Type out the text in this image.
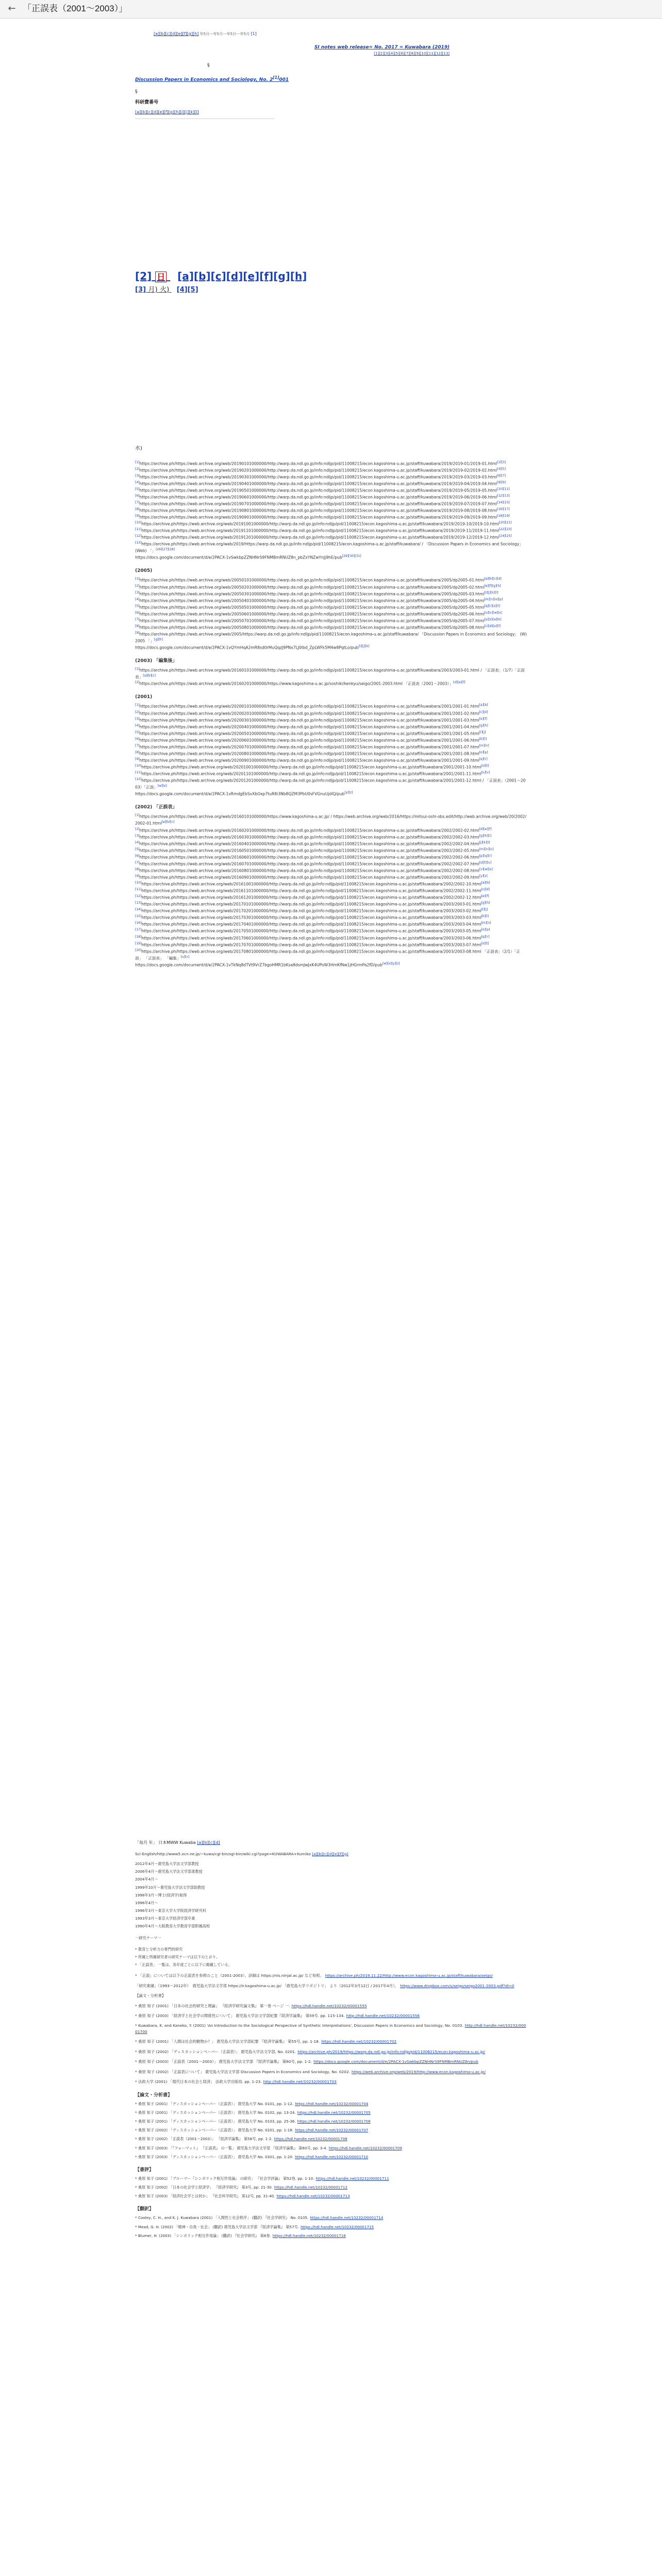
← 「正誤表（2001〜2003）」
[a][b][c][d][e][f][g][h] 年5月---年5月---年5月---年5月 [1]
SI notes web release= No. 2017 = Kuwabara (2019)
[1][2][3][4][5][6][7][8][9][10][11][12][13]
§
Discussion Papers in Economics and Sociology, No. 2[1]001
§
科研費番号
[a][b][c][d][e][f][g][h][i][j][k][l]
[2] 日 [a][b][c][d][e][f][g][h]
[3] 月) 火) [4][5]
水)
[1]https://archive.ph/https://web.archive.org/web/20190101000000/http://warp.da.ndl.go.jp/info:ndljp/pid/11008215/econ.kagoshima-u.ac.jp/staff/kuwabara/2019/2019-01/2019-01.html[2][3]
[2]https://archive.ph/https://web.archive.org/web/20190201000000/http://warp.da.ndl.go.jp/info:ndljp/pid/11008215/econ.kagoshima-u.ac.jp/staff/kuwabara/2019/2019-02/2019-02.html[4][5]
[3]https://archive.ph/https://web.archive.org/web/20190301000000/http://warp.da.ndl.go.jp/info:ndljp/pid/11008215/econ.kagoshima-u.ac.jp/staff/kuwabara/2019/2019-03/2019-03.html[6][7]
[4]https://archive.ph/https://web.archive.org/web/20190401000000/http://warp.da.ndl.go.jp/info:ndljp/pid/11008215/econ.kagoshima-u.ac.jp/staff/kuwabara/2019/2019-04/2019-04.html[8][9]
[5]https://archive.ph/https://web.archive.org/web/20190501000000/http://warp.da.ndl.go.jp/info:ndljp/pid/11008215/econ.kagoshima-u.ac.jp/staff/kuwabara/2019/2019-05/2019-05.html[10][11]
[6]https://archive.ph/https://web.archive.org/web/20190601000000/http://warp.da.ndl.go.jp/info:ndljp/pid/11008215/econ.kagoshima-u.ac.jp/staff/kuwabara/2019/2019-06/2019-06.html[12][13]
[7]https://archive.ph/https://web.archive.org/web/20190701000000/http://warp.da.ndl.go.jp/info:ndljp/pid/11008215/econ.kagoshima-u.ac.jp/staff/kuwabara/2019/2019-07/2019-07.html[14][15]
[8]https://archive.ph/https://web.archive.org/web/20190801000000/http://warp.da.ndl.go.jp/info:ndljp/pid/11008215/econ.kagoshima-u.ac.jp/staff/kuwabara/2019/2019-08/2019-08.html[16][17]
[9]https://archive.ph/https://web.archive.org/web/20190901000000/http://warp.da.ndl.go.jp/info:ndljp/pid/11008215/econ.kagoshima-u.ac.jp/staff/kuwabara/2019/2019-09/2019-09.html[18][19]
[10]https://archive.ph/https://web.archive.org/web/20191001000000/http://warp.da.ndl.go.jp/info:ndljp/pid/11008215/econ.kagoshima-u.ac.jp/staff/kuwabara/2019/2019-10/2019-10.html[20][21]
[11]https://archive.ph/https://web.archive.org/web/20191101000000/http://warp.da.ndl.go.jp/info:ndljp/pid/11008215/econ.kagoshima-u.ac.jp/staff/kuwabara/2019/2019-11/2019-11.html[22][23]
[12]https://archive.ph/https://web.archive.org/web/20191201000000/http://warp.da.ndl.go.jp/info:ndljp/pid/11008215/econ.kagoshima-u.ac.jp/staff/kuwabara/2019/2019-12/2019-12.html[24][25]
[13]https://archive.ph/https://web.archive.org/web/2019/https://warp.da.ndl.go.jp/info:ndljp/pid/11008215/econ.kagoshima-u.ac.jp/staff/kuwabara/ / 「Discussion Papers in Economics and Sociology」 (Web) 「」[26][27][28]
https://docs.google.com/document/d/e/2PACX-1vSwkbpZZNHNrS9FNMBmRNUZ8n_pbZxYNZwYnJj9hE/pub[29][30][31]
(2005)
[1]https://archive.ph/https://web.archive.org/web/20050101000000/http://warp.da.ndl.go.jp/info:ndljp/pid/11008215/econ.kagoshima-u.ac.jp/staff/kuwabara/2005/dp2005-01.html[a][b][c][d]
[2]https://archive.ph/https://web.archive.org/web/20050201000000/http://warp.da.ndl.go.jp/info:ndljp/pid/11008215/econ.kagoshima-u.ac.jp/staff/kuwabara/2005/dp2005-02.html[e][f][g][h]
[3]https://archive.ph/https://web.archive.org/web/20050301000000/http://warp.da.ndl.go.jp/info:ndljp/pid/11008215/econ.kagoshima-u.ac.jp/staff/kuwabara/2005/dp2005-03.html[i][j][k][l]
[4]https://archive.ph/https://web.archive.org/web/20050401000000/http://warp.da.ndl.go.jp/info:ndljp/pid/11008215/econ.kagoshima-u.ac.jp/staff/kuwabara/2005/dp2005-04.html[m][n][o][p]
[5]https://archive.ph/https://web.archive.org/web/20050501000000/http://warp.da.ndl.go.jp/info:ndljp/pid/11008215/econ.kagoshima-u.ac.jp/staff/kuwabara/2005/dp2005-05.html[q][r][s][t]
[6]https://archive.ph/https://web.archive.org/web/20050601000000/http://warp.da.ndl.go.jp/info:ndljp/pid/11008215/econ.kagoshima-u.ac.jp/staff/kuwabara/2005/dp2005-06.html[u][v][w][x]
[7]https://archive.ph/https://web.archive.org/web/20050701000000/http://warp.da.ndl.go.jp/info:ndljp/pid/11008215/econ.kagoshima-u.ac.jp/staff/kuwabara/2005/dp2005-07.html[y][z][a][b]
[8]https://archive.ph/https://web.archive.org/web/20050801000000/http://warp.da.ndl.go.jp/info:ndljp/pid/11008215/econ.kagoshima-u.ac.jp/staff/kuwabara/2005/dp2005-08.html[c][d][e][f]
[9]https://archive.ph/https://web.archive.org/web/2005/https://warp.da.ndl.go.jp/info:ndljp/pid/11008215/econ.kagoshima-u.ac.jp/staff/kuwabara/ 「Discussion Papers in Economics and Sociology」 (W) 2005 「」[g][h]
https://docs.google.com/document/d/e/2PACX-1vQYmHqA2mR8sd0rMuQqzJ9PNx7LJ0lbd_ZpLWFk5M4w8PqtLo/pub[i][j][k]
(2003) 「編集後」
[1]https://archive.ph/https://web.archive.org/web/20160101000000/http://warp.da.ndl.go.jp/info:ndljp/pid/11008215/econ.kagoshima-u.ac.jp/staff/kuwabara/2003/2003-01.html / 「正誤表」（1/7）「正誤表」[a][b][c]
[2]https://archive.ph/https://web.archive.org/web/20160201000000/https://www.kagoshima-u.ac.jp/soshiki/kenkyu/seigo/2001-2003.html 「正誤表（2001〜2003）」[d][e][f]
(2001)
[1]https://archive.ph/https://web.archive.org/web/20200101000000/http://warp.da.ndl.go.jp/info:ndljp/pid/11008215/econ.kagoshima-u.ac.jp/staff/kuwabara/2001/2001-01.html[a][b]
[2]https://archive.ph/https://web.archive.org/web/20200201000000/http://warp.da.ndl.go.jp/info:ndljp/pid/11008215/econ.kagoshima-u.ac.jp/staff/kuwabara/2001/2001-02.html[c][d]
[3]https://archive.ph/https://web.archive.org/web/20200301000000/http://warp.da.ndl.go.jp/info:ndljp/pid/11008215/econ.kagoshima-u.ac.jp/staff/kuwabara/2001/2001-03.html[e][f]
[4]https://archive.ph/https://web.archive.org/web/20200401000000/http://warp.da.ndl.go.jp/info:ndljp/pid/11008215/econ.kagoshima-u.ac.jp/staff/kuwabara/2001/2001-04.html[g][h]
[5]https://archive.ph/https://web.archive.org/web/20200501000000/http://warp.da.ndl.go.jp/info:ndljp/pid/11008215/econ.kagoshima-u.ac.jp/staff/kuwabara/2001/2001-05.html[i][j]
[6]https://archive.ph/https://web.archive.org/web/20200601000000/http://warp.da.ndl.go.jp/info:ndljp/pid/11008215/econ.kagoshima-u.ac.jp/staff/kuwabara/2001/2001-06.html[k][l]
[7]https://archive.ph/https://web.archive.org/web/20200701000000/http://warp.da.ndl.go.jp/info:ndljp/pid/11008215/econ.kagoshima-u.ac.jp/staff/kuwabara/2001/2001-07.html[m][n]
[8]https://archive.ph/https://web.archive.org/web/20200801000000/http://warp.da.ndl.go.jp/info:ndljp/pid/11008215/econ.kagoshima-u.ac.jp/staff/kuwabara/2001/2001-08.html[o][p]
[9]https://archive.ph/https://web.archive.org/web/20200901000000/http://warp.da.ndl.go.jp/info:ndljp/pid/11008215/econ.kagoshima-u.ac.jp/staff/kuwabara/2001/2001-09.html[q][r]
[10]https://archive.ph/https://web.archive.org/web/20201001000000/http://warp.da.ndl.go.jp/info:ndljp/pid/11008215/econ.kagoshima-u.ac.jp/staff/kuwabara/2001/2001-10.html[s][t]
[11]https://archive.ph/https://web.archive.org/web/20201101000000/http://warp.da.ndl.go.jp/info:ndljp/pid/11008215/econ.kagoshima-u.ac.jp/staff/kuwabara/2001/2001-11.html[u][v]
[12]https://archive.ph/https://web.archive.org/web/20201201000000/http://warp.da.ndl.go.jp/info:ndljp/pid/11008215/econ.kagoshima-u.ac.jp/staff/kuwabara/2001/2001-12.html / 「正誤表」（2001〜2003）「正誤」[w][x]
https://docs.google.com/document/d/e/2PACX-1vRmdgEbSvXbOxp7tuR8i3Nb8QZM3PbU0sFVGnuUjdlQ/pub[y][z]
(2002) 「正誤表」
[1]https://archive.ph/https://web.archive.org/web/20160101000000/https://www.kagoshima-u.ac.jp/ / https://web.archive.org/web/2016/https://mitsui-oshl-obs.edit/http://web.archive.org/web/20/2002/2002-01.html[a][b][c]
[2]https://archive.ph/https://web.archive.org/web/20160201000000/http://warp.da.ndl.go.jp/info:ndljp/pid/11008215/econ.kagoshima-u.ac.jp/staff/kuwabara/2002/2002-02.html[d][e][f]
[3]https://archive.ph/https://web.archive.org/web/20160301000000/http://warp.da.ndl.go.jp/info:ndljp/pid/11008215/econ.kagoshima-u.ac.jp/staff/kuwabara/2002/2002-03.html[g][h][i]
[4]https://archive.ph/https://web.archive.org/web/20160401000000/http://warp.da.ndl.go.jp/info:ndljp/pid/11008215/econ.kagoshima-u.ac.jp/staff/kuwabara/2002/2002-04.html[j][k][l]
[5]https://archive.ph/https://web.archive.org/web/20160501000000/http://warp.da.ndl.go.jp/info:ndljp/pid/11008215/econ.kagoshima-u.ac.jp/staff/kuwabara/2002/2002-05.html[m][n][o]
[6]https://archive.ph/https://web.archive.org/web/20160601000000/http://warp.da.ndl.go.jp/info:ndljp/pid/11008215/econ.kagoshima-u.ac.jp/staff/kuwabara/2002/2002-06.html[p][q][r]
[7]https://archive.ph/https://web.archive.org/web/20160701000000/http://warp.da.ndl.go.jp/info:ndljp/pid/11008215/econ.kagoshima-u.ac.jp/staff/kuwabara/2002/2002-07.html[s][t][u]
[8]https://archive.ph/https://web.archive.org/web/20160801000000/http://warp.da.ndl.go.jp/info:ndljp/pid/11008215/econ.kagoshima-u.ac.jp/staff/kuwabara/2002/2002-08.html[v][w][x]
[9]https://archive.ph/https://web.archive.org/web/20160901000000/http://warp.da.ndl.go.jp/info:ndljp/pid/11008215/econ.kagoshima-u.ac.jp/staff/kuwabara/2002/2002-09.html[y][z]
[10]https://archive.ph/https://web.archive.org/web/20161001000000/http://warp.da.ndl.go.jp/info:ndljp/pid/11008215/econ.kagoshima-u.ac.jp/staff/kuwabara/2002/2002-10.html[a][b]
[11]https://archive.ph/https://web.archive.org/web/20161101000000/http://warp.da.ndl.go.jp/info:ndljp/pid/11008215/econ.kagoshima-u.ac.jp/staff/kuwabara/2002/2002-11.html[c][d]
[12]https://archive.ph/https://web.archive.org/web/20161201000000/http://warp.da.ndl.go.jp/info:ndljp/pid/11008215/econ.kagoshima-u.ac.jp/staff/kuwabara/2002/2002-12.html[e][f]
[13]https://archive.ph/https://web.archive.org/web/20170101000000/http://warp.da.ndl.go.jp/info:ndljp/pid/11008215/econ.kagoshima-u.ac.jp/staff/kuwabara/2003/2003-01.html[g][h]
[14]https://archive.ph/https://web.archive.org/web/20170201000000/http://warp.da.ndl.go.jp/info:ndljp/pid/11008215/econ.kagoshima-u.ac.jp/staff/kuwabara/2003/2003-02.html[i][j]
[15]https://archive.ph/https://web.archive.org/web/20170301000000/http://warp.da.ndl.go.jp/info:ndljp/pid/11008215/econ.kagoshima-u.ac.jp/staff/kuwabara/2003/2003-03.html[k][l]
[16]https://archive.ph/https://web.archive.org/web/20170401000000/http://warp.da.ndl.go.jp/info:ndljp/pid/11008215/econ.kagoshima-u.ac.jp/staff/kuwabara/2003/2003-04.html[m][n]
[17]https://archive.ph/https://web.archive.org/web/20170501000000/http://warp.da.ndl.go.jp/info:ndljp/pid/11008215/econ.kagoshima-u.ac.jp/staff/kuwabara/2003/2003-05.html[o][p]
[18]https://archive.ph/https://web.archive.org/web/20170601000000/http://warp.da.ndl.go.jp/info:ndljp/pid/11008215/econ.kagoshima-u.ac.jp/staff/kuwabara/2003/2003-06.html[q][r]
[19]https://archive.ph/https://web.archive.org/web/20170701000000/http://warp.da.ndl.go.jp/info:ndljp/pid/11008215/econ.kagoshima-u.ac.jp/staff/kuwabara/2003/2003-07.html[s][t]
[20]https://archive.ph/https://web.archive.org/web/20170801000000/http://warp.da.ndl.go.jp/info:ndljp/pid/11008215/econ.kagoshima-u.ac.jp/staff/kuwabara/2003/2003-08.html 「正誤表」（2/1）「正誤」 「正誤表」 「編集」[u][v]
https://docs.google.com/document/d/e/2PACX-1vTkNq8dTVt9VrZ7bgoHMR1bKsa8dsmJwJxK4UPoW3HmKfNw1jHGrmPa2fD/pub[w][x][y][z]
「毎月 年」 日本MWW Kuwaba [a][b][c][d]
Sci-English/http://www5.ocn.ne.jp/~kuwa/cgi-bin/sgi-bin/wiki.cgi?page=KUWABARA+Kumiko [a][b][c][d][e][f][g]
2012年4月〜鹿児島大学法文学部教授
2006年4月〜鹿児島大学法文学部准教授
2004年4月〜
1999年10月〜鹿児島大学法文学部助教授
1998年3月〜博士(経済学)取得
1996年4月〜
1996年3月〜東京大学大学院経済学研究科
1993年3月〜東京大学経済学部卒業
1990年4月〜大阪教育大学教育学部附属高校
一研究テーマ一
* 教育と分析力の専門的研究
* 所属と所属研究者の研究テーマは以下のとおり。
* 「正誤表」 一覧は、各年度ごとに以下に掲載している。
* 「正誤」については以下の正誤表を参照のこと（2001-2003）。詳細は https://nis.ninjal.ac.jp/ など参照。 https://archive.ph/2019.11.22/http://www.econ.kagoshima-u.ac.jp/staff/kuwabara/seigo/
「研究業績」（1993〜2012年）　鹿児島大学法文学部 https://ir.kagoshima-u.ac.jp/ 「鹿児島大学リポジトリ」 より（2012年3月12日 / 2017年4月）。 https://www.dropbox.com/s/seigo/seigo2001-2003.pdf?dl=0
【論文・分析書】
* 桑原 知子 (2001) 「日本の社会的研究と理論」 『経済学研究論文集』 第一巻 ページ 一. https://hdl.handle.net/10232/00001555
* 桑原 知子 (2003) 「経済学と社会学の関係性について」 鹿児島大学法文学部紀要『経済学論集』 第59号. pp. 115-134. http://hdl.handle.net/10232/00001556
* Kuwabara, K. and Kaneko, Y. (2001) 'An Introduction to the Sociological Perspective of Synthetic Interpretations', Discussion Papers in Economics and Sociology, No. 0103. http://hdl.handle.net/10232/00001700
* 桑原 知子 (2001) 「人間は社会的動物か？」 鹿児島大学法文学部紀要 『経済学論集』 第55号, pp. 1-18. https://hdl.handle.net/10232/00001702
* 桑原 知子 (2002) 「ディスカッションペーパー（正誤表）」 鹿児島大学法文学部, No. 0201. https://archive.ph/2019/https://warp.da.ndl.go.jp/info:ndljp/pid/11008215/econ.kagoshima-u.ac.jp/
* 桑原 知子 (2003) 「正誤表（2001〜2003）」 鹿児島大学法文学部 『経済学論集』 第60号, pp. 1-2. https://docs.google.com/document/d/e/2PACX-1vSwkbpZZNHNrS9FNMBmRNUZ8n/pub
* 桑原 知子 (2002) 「正誤表について」 鹿児島大学法文学部 Discussion Papers in Economics and Sociology, No. 0202. https://web.archive.org/web/2019/http://www.econ.kagoshima-u.ac.jp/
* 法政大学 (2001) 「現代日本の社会と経済」 法政大学出版局. pp. 1-23. http://hdl.handle.net/10232/00001703
【論文・分析書】
* 桑原 知子 (2001) 「ディスカッションペーパー（正誤表）」 鹿児島大学 No. 0101, pp. 1-12. https://hdl.handle.net/10232/00001704
* 桑原 知子 (2001) 「ディスカッションペーパー（正誤表）」 鹿児島大学 No. 0102, pp. 13-24. https://hdl.handle.net/10232/00001705
* 桑原 知子 (2001) 「ディスカッションペーパー（正誤表）」 鹿児島大学 No. 0103, pp. 25-36. https://hdl.handle.net/10232/00001706
* 桑原 知子 (2002) 「ディスカッションペーパー（正誤表）」 鹿児島大学 No. 0201, pp. 1-18. https://hdl.handle.net/10232/00001707
* 桑原 知子 (2002) 「正誤表（2001〜2003）」 『経済学論集』 第58号, pp. 1-2. https://hdl.handle.net/10232/00001708
* 桑原 知子 (2003) 「『フォーマット』 『正誤表』 の一覧」 鹿児島大学法文学部 『経済学論集』 第60号, pp. 3-4. https://hdl.handle.net/10232/00001709
* 桑原 知子 (2003) 「ディスカッションペーパー（正誤表）」 鹿児島大学 No. 0301, pp. 1-20. https://hdl.handle.net/10232/00001710
【書評】
* 桑原 知子 (2001) 「ブルーマー『シンボリック相互作用論』 の研究」 『社会学評論』 第52巻, pp. 1-10. https://hdl.handle.net/10232/00001711
* 桑原 知子 (2002) 「日本の社会学と経済学」 『経済学研究』 第3号, pp. 21-30. https://hdl.handle.net/10232/00001712
* 桑原 知子 (2003) 「経済社会学とは何か」 『社会科学研究』 第12号, pp. 31-40. https://hdl.handle.net/10232/00001713
【翻訳】
* Cooley, C. H., and K. J. Kuwabara (2001) 「人間性と社会秩序」 (翻訳) 『社会学研究』 No. 0105. https://hdl.handle.net/10232/00001714
* Mead, G. H. (2002) 「精神・自我・社会」 (翻訳) 鹿児島大学法文学部 『経済学論集』 第57号. https://hdl.handle.net/10232/00001715
* Blumer, H. (2003) 「シンボリック相互作用論」 (翻訳) 『社会学研究』 第8巻. https://hdl.handle.net/10232/00001716
